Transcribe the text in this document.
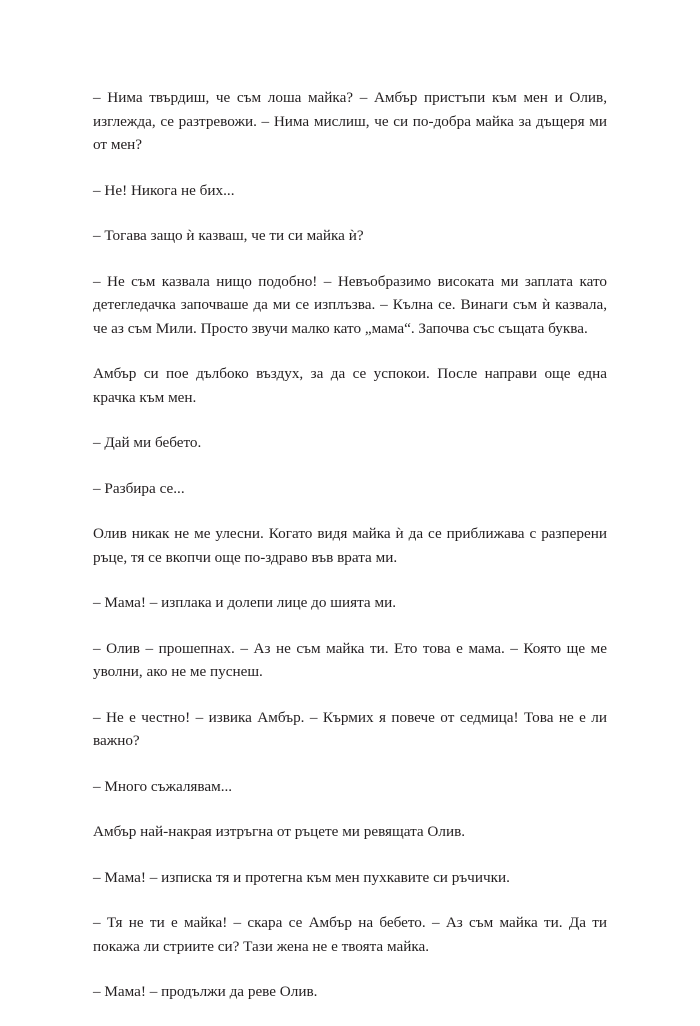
– Нима твърдиш, че съм лоша майка? – Амбър пристъпи към мен и Олив, изглежда, се разтревожи. – Нима мислиш, че си по-добра майка за дъщеря ми от мен?

– Не! Никога не бих...

– Тогава защо ѝ казваш, че ти си майка ѝ?

– Не съм казвала нищо подобно! – Невъобразимо високата ми заплата като детегледачка започваше да ми се изплъзва. – Кълна се. Винаги съм ѝ казвала, че аз съм Мили. Просто звучи малко като „мама“. Започва със същата буква.

Амбър си пое дълбоко въздух, за да се успокои. После направи още една крачка към мен.

– Дай ми бебето.

– Разбира се...

Олив никак не ме улесни. Когато видя майка ѝ да се приближава с разперени ръце, тя се вкопчи още по-здраво във врата ми.

– Мама! – изплака и долепи лице до шията ми.

– Олив – прошепнах. – Аз не съм майка ти. Ето това е мама. – Която ще ме уволни, ако не ме пуснеш.

– Не е честно! – извика Амбър. – Кърмих я повече от седмица! Това не е ли важно?

– Много съжалявам...

Амбър най-накрая изтръгна от ръцете ми ревящата Олив.

– Мама! – изписка тя и протегна към мен пухкавите си ръчички.

– Тя не ти е майка! – скара се Амбър на бебето. – Аз съм майка ти. Да ти покажа ли стриите си? Тази жена не е твоята майка.

– Мама! – продължи да реве Олив.
